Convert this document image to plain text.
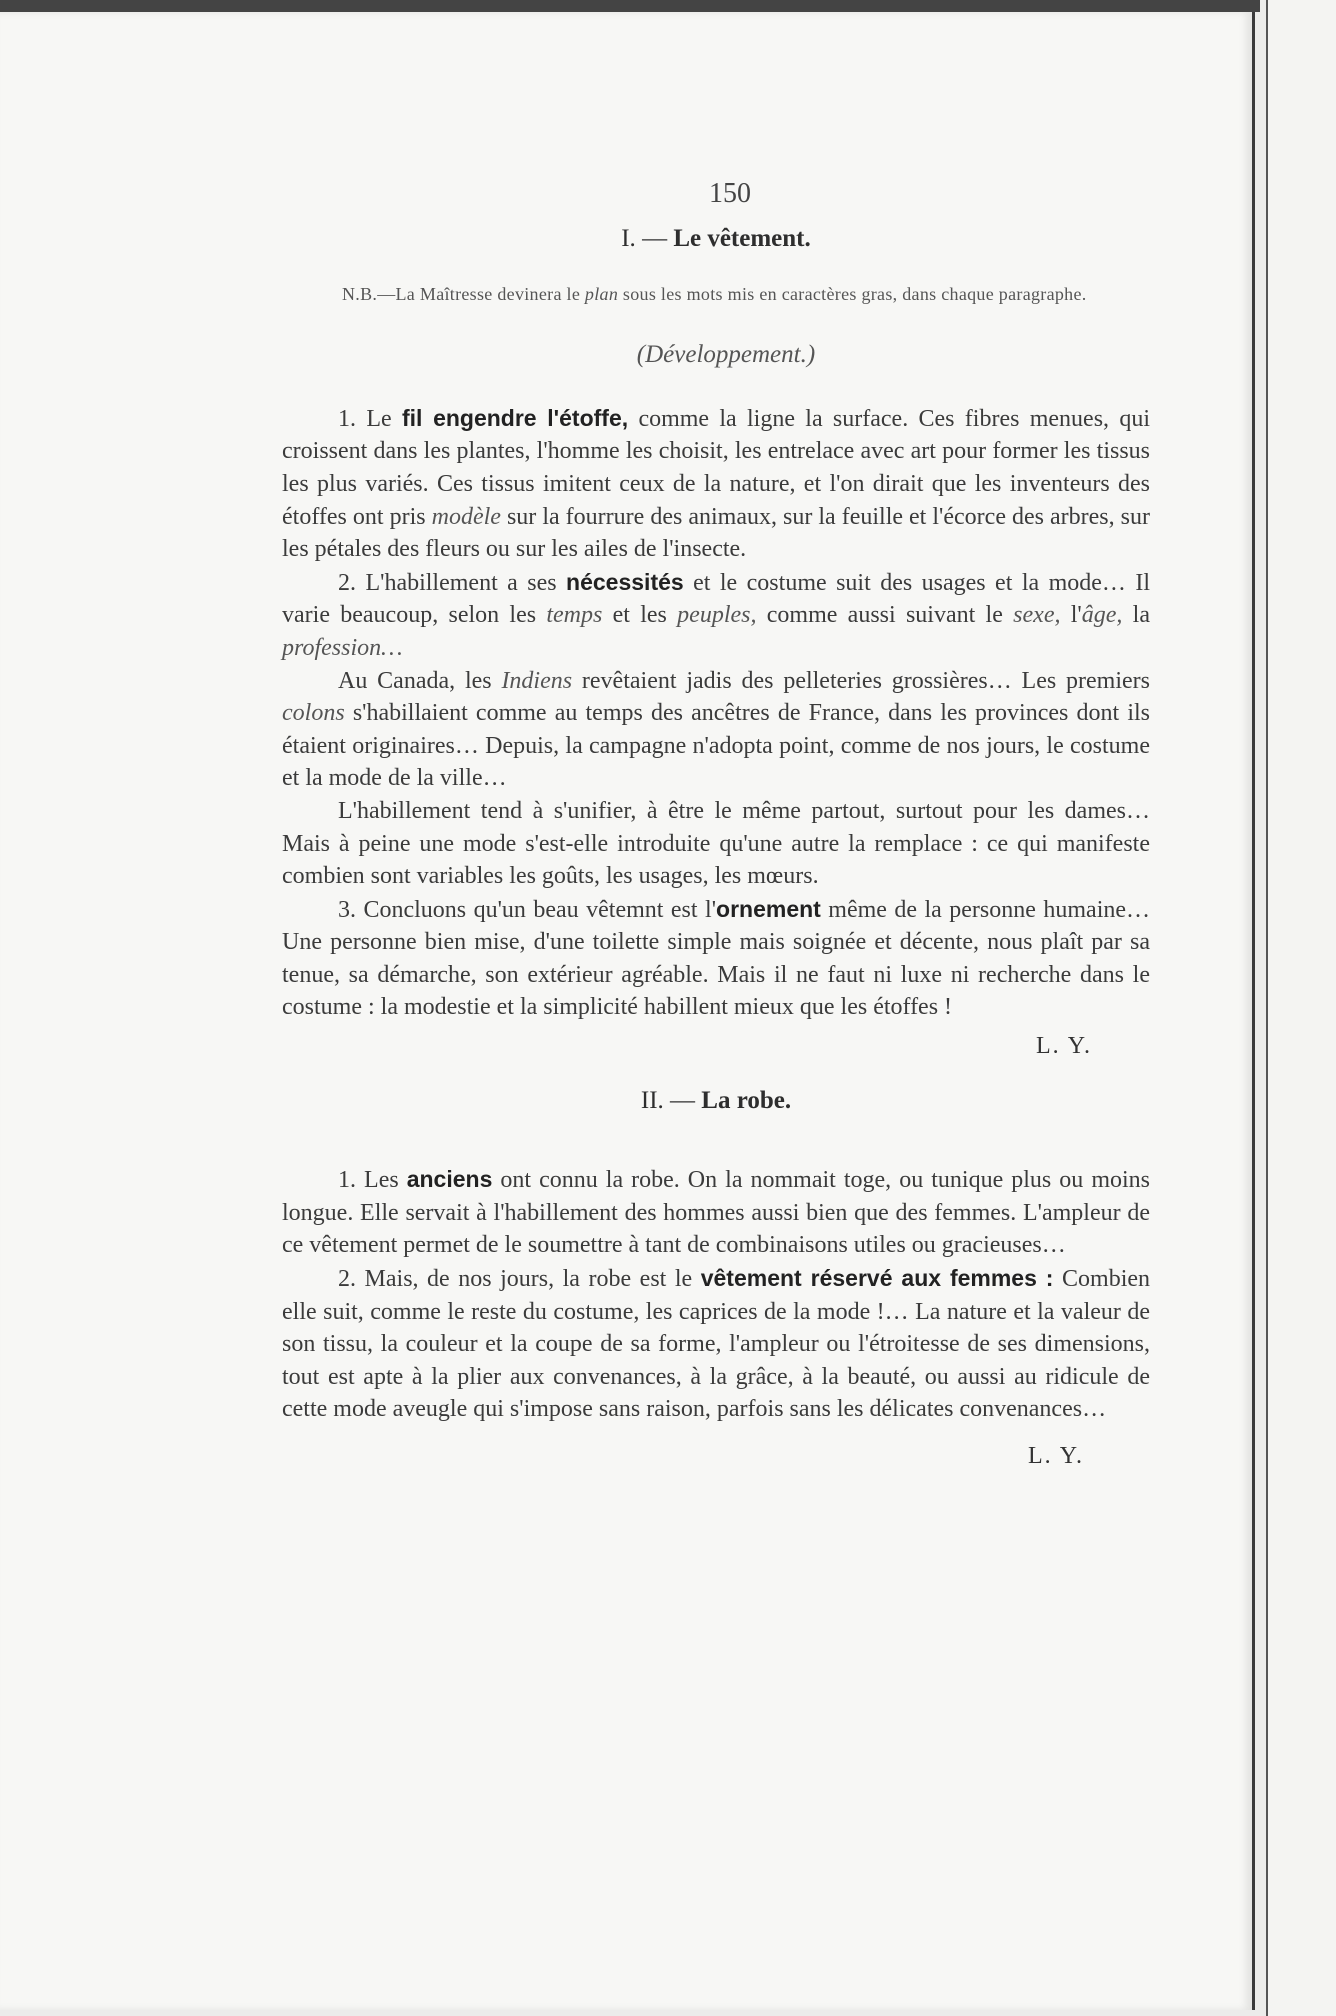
150
I. — Le vêtement.
N.B.—La Maîtresse devinera le plan sous les mots mis en caractères gras, dans chaque paragraphe.
(Développement.)

1. Le fil engendre l'étoffe, comme la ligne la surface. Ces fibres menues, qui croissent dans les plantes, l'homme les choisit, les entrelace avec art pour former les tissus les plus variés. Ces tissus imitent ceux de la nature, et l'on dirait que les inventeurs des étoffes ont pris modèle sur la fourrure des animaux, sur la feuille et l'écorce des arbres, sur les pétales des fleurs ou sur les ailes de l'insecte.

2. L'habillement a ses nécessités et le costume suit des usages et la mode… Il varie beaucoup, selon les temps et les peuples, comme aussi suivant le sexe, l'âge, la profession…

Au Canada, les Indiens revêtaient jadis des pelleteries grossières… Les premiers colons s'habillaient comme au temps des ancêtres de France, dans les provinces dont ils étaient originaires… Depuis, la campagne n'adopta point, comme de nos jours, le costume et la mode de la ville…

L'habillement tend à s'unifier, à être le même partout, surtout pour les dames… Mais à peine une mode s'est-elle introduite qu'une autre la remplace : ce qui manifeste combien sont variables les goûts, les usages, les mœurs.

3. Concluons qu'un beau vêtemnt est l'ornement même de la personne humaine… Une personne bien mise, d'une toilette simple mais soignée et décente, nous plaît par sa tenue, sa démarche, son extérieur agréable. Mais il ne faut ni luxe ni recherche dans le costume : la modestie et la simplicité habillent mieux que les étoffes !

L. Y.
II. — La robe.

1. Les anciens ont connu la robe. On la nommait toge, ou tunique plus ou moins longue. Elle servait à l'habillement des hommes aussi bien que des femmes. L'ampleur de ce vêtement permet de le soumettre à tant de combinaisons utiles ou gracieuses…

2. Mais, de nos jours, la robe est le vêtement réservé aux femmes : Combien elle suit, comme le reste du costume, les caprices de la mode !… La nature et la valeur de son tissu, la couleur et la coupe de sa forme, l'ampleur ou l'étroitesse de ses dimensions, tout est apte à la plier aux convenances, à la grâce, à la beauté, ou aussi au ridicule de cette mode aveugle qui s'impose sans raison, parfois sans les délicates convenances…

L. Y.
